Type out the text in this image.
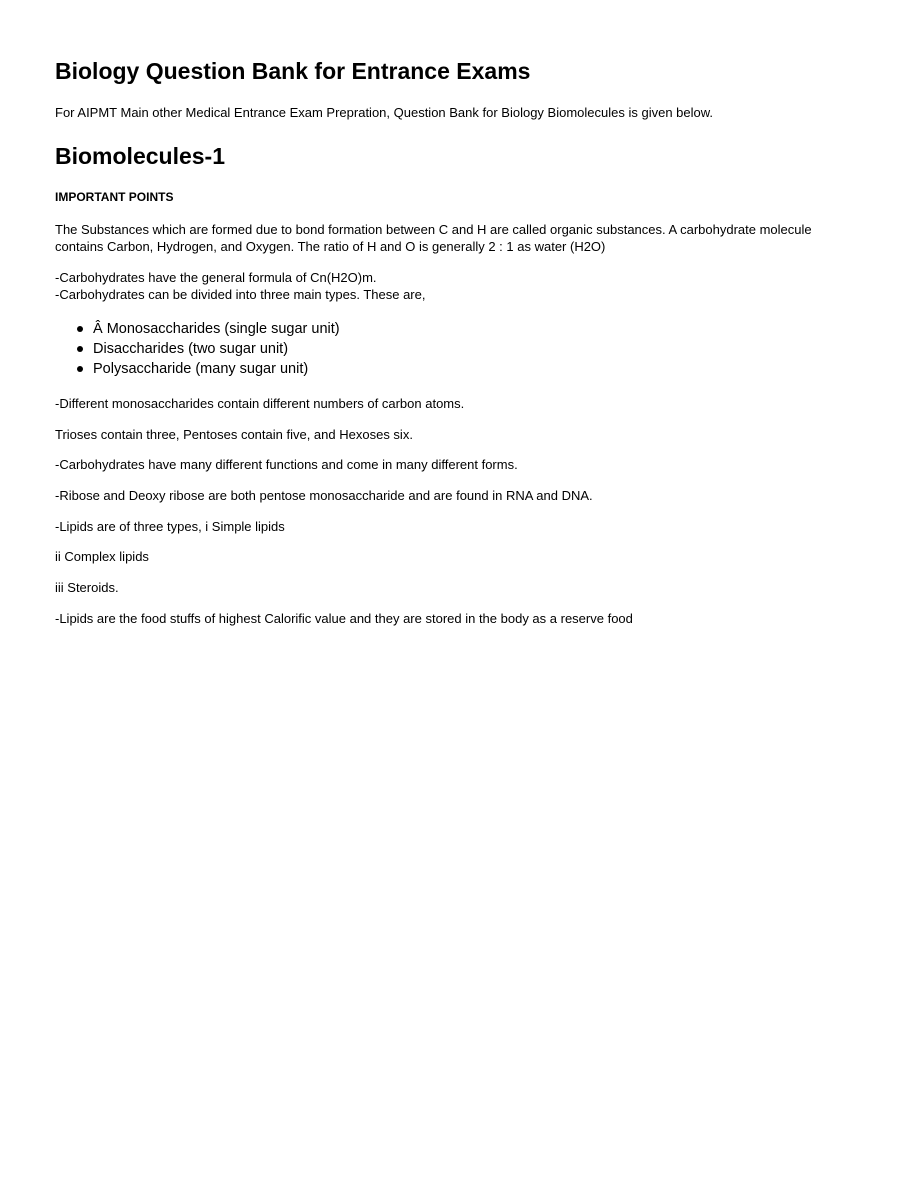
Biology Question Bank for Entrance Exams
For AIPMT Main other Medical Entrance Exam Prepration, Question Bank for Biology Biomolecules is given below.
Biomolecules-1
IMPORTANT POINTS
The Substances which are formed due to bond formation between C and H are called organic substances. A carbohydrate molecule contains Carbon, Hydrogen, and Oxygen. The ratio of H and O is generally 2 : 1 as water (H2O)
-Carbohydrates have the general formula of Cn(H2O)m.
-Carbohydrates can be divided into three main types. These are,
Â Monosaccharides (single sugar unit)
Disaccharides (two sugar unit)
Polysaccharide (many sugar unit)
-Different monosaccharides contain different numbers of carbon atoms.
Trioses contain three, Pentoses contain five, and Hexoses six.
-Carbohydrates have many different functions and come in many different forms.
-Ribose and Deoxy ribose are both pentose monosaccharide and are found in RNA and DNA.
-Lipids are of three types, i Simple lipids
ii Complex lipids
iii Steroids.
-Lipids are the food stuffs of highest Calorific value and they are stored in the body as a reserve food
